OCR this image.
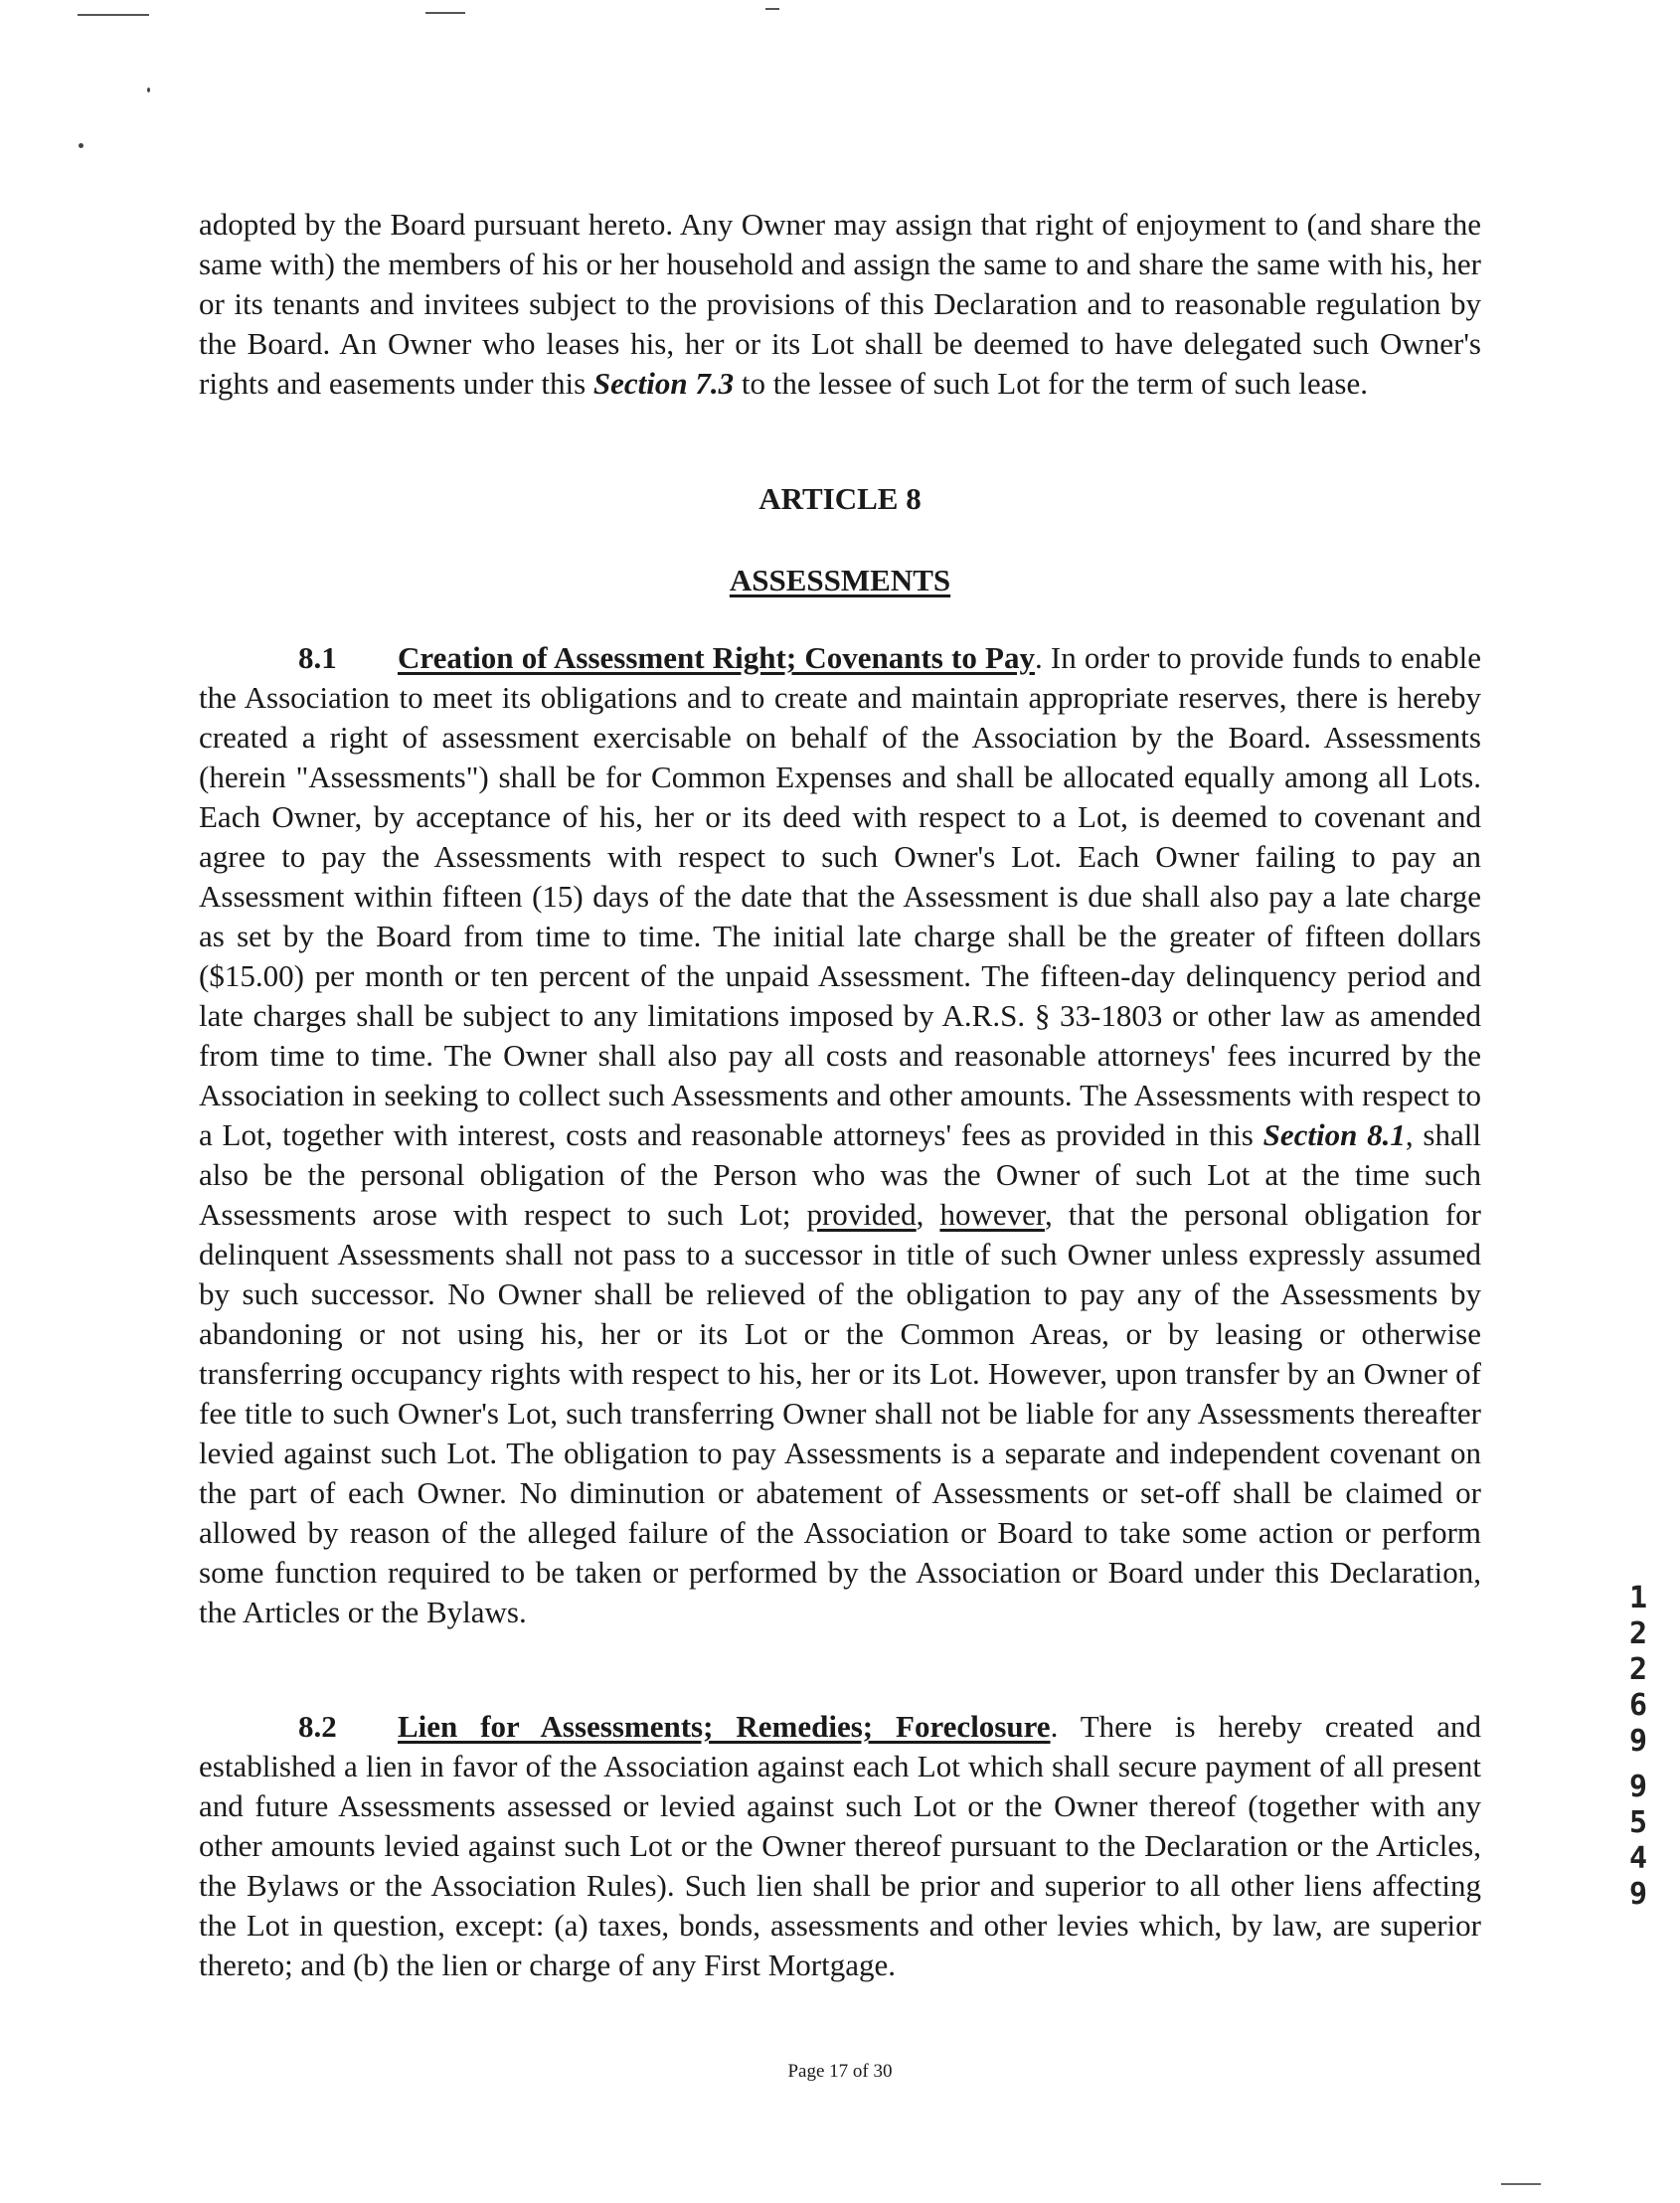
adopted by the Board pursuant hereto. Any Owner may assign that right of enjoyment to (and share the same with) the members of his or her household and assign the same to and share the same with his, her or its tenants and invitees subject to the provisions of this Declaration and to reasonable regulation by the Board. An Owner who leases his, her or its Lot shall be deemed to have delegated such Owner's rights and easements under this Section 7.3 to the lessee of such Lot for the term of such lease.

ARTICLE 8
ASSESSMENTS

8.1 Creation of Assessment Right; Covenants to Pay. In order to provide funds to enable the Association to meet its obligations and to create and maintain appropriate reserves, there is hereby created a right of assessment exercisable on behalf of the Association by the Board. Assessments (herein "Assessments") shall be for Common Expenses and shall be allocated equally among all Lots. Each Owner, by acceptance of his, her or its deed with respect to a Lot, is deemed to covenant and agree to pay the Assessments with respect to such Owner's Lot. Each Owner failing to pay an Assessment within fifteen (15) days of the date that the Assessment is due shall also pay a late charge as set by the Board from time to time. The initial late charge shall be the greater of fifteen dollars ($15.00) per month or ten percent of the unpaid Assessment. The fifteen-day delinquency period and late charges shall be subject to any limitations imposed by A.R.S. § 33-1803 or other law as amended from time to time. The Owner shall also pay all costs and reasonable attorneys' fees incurred by the Association in seeking to collect such Assessments and other amounts. The Assessments with respect to a Lot, together with interest, costs and reasonable attorneys' fees as provided in this Section 8.1, shall also be the personal obligation of the Person who was the Owner of such Lot at the time such Assessments arose with respect to such Lot; provided, however, that the personal obligation for delinquent Assessments shall not pass to a successor in title of such Owner unless expressly assumed by such successor. No Owner shall be relieved of the obligation to pay any of the Assessments by abandoning or not using his, her or its Lot or the Common Areas, or by leasing or otherwise transferring occupancy rights with respect to his, her or its Lot. However, upon transfer by an Owner of fee title to such Owner's Lot, such transferring Owner shall not be liable for any Assessments thereafter levied against such Lot. The obligation to pay Assessments is a separate and independent covenant on the part of each Owner. No diminution or abatement of Assessments or set-off shall be claimed or allowed by reason of the alleged failure of the Association or Board to take some action or perform some function required to be taken or performed by the Association or Board under this Declaration, the Articles or the Bylaws.

8.2 Lien for Assessments; Remedies; Foreclosure. There is hereby created and established a lien in favor of the Association against each Lot which shall secure payment of all present and future Assessments assessed or levied against such Lot or the Owner thereof (together with any other amounts levied against such Lot or the Owner thereof pursuant to the Declaration or the Articles, the Bylaws or the Association Rules). Such lien shall be prior and superior to all other liens affecting the Lot in question, except: (a) taxes, bonds, assessments and other levies which, by law, are superior thereto; and (b) the lien or charge of any First Mortgage.

1
2
2
6
9
9
5
4
9
Page 17 of 30
